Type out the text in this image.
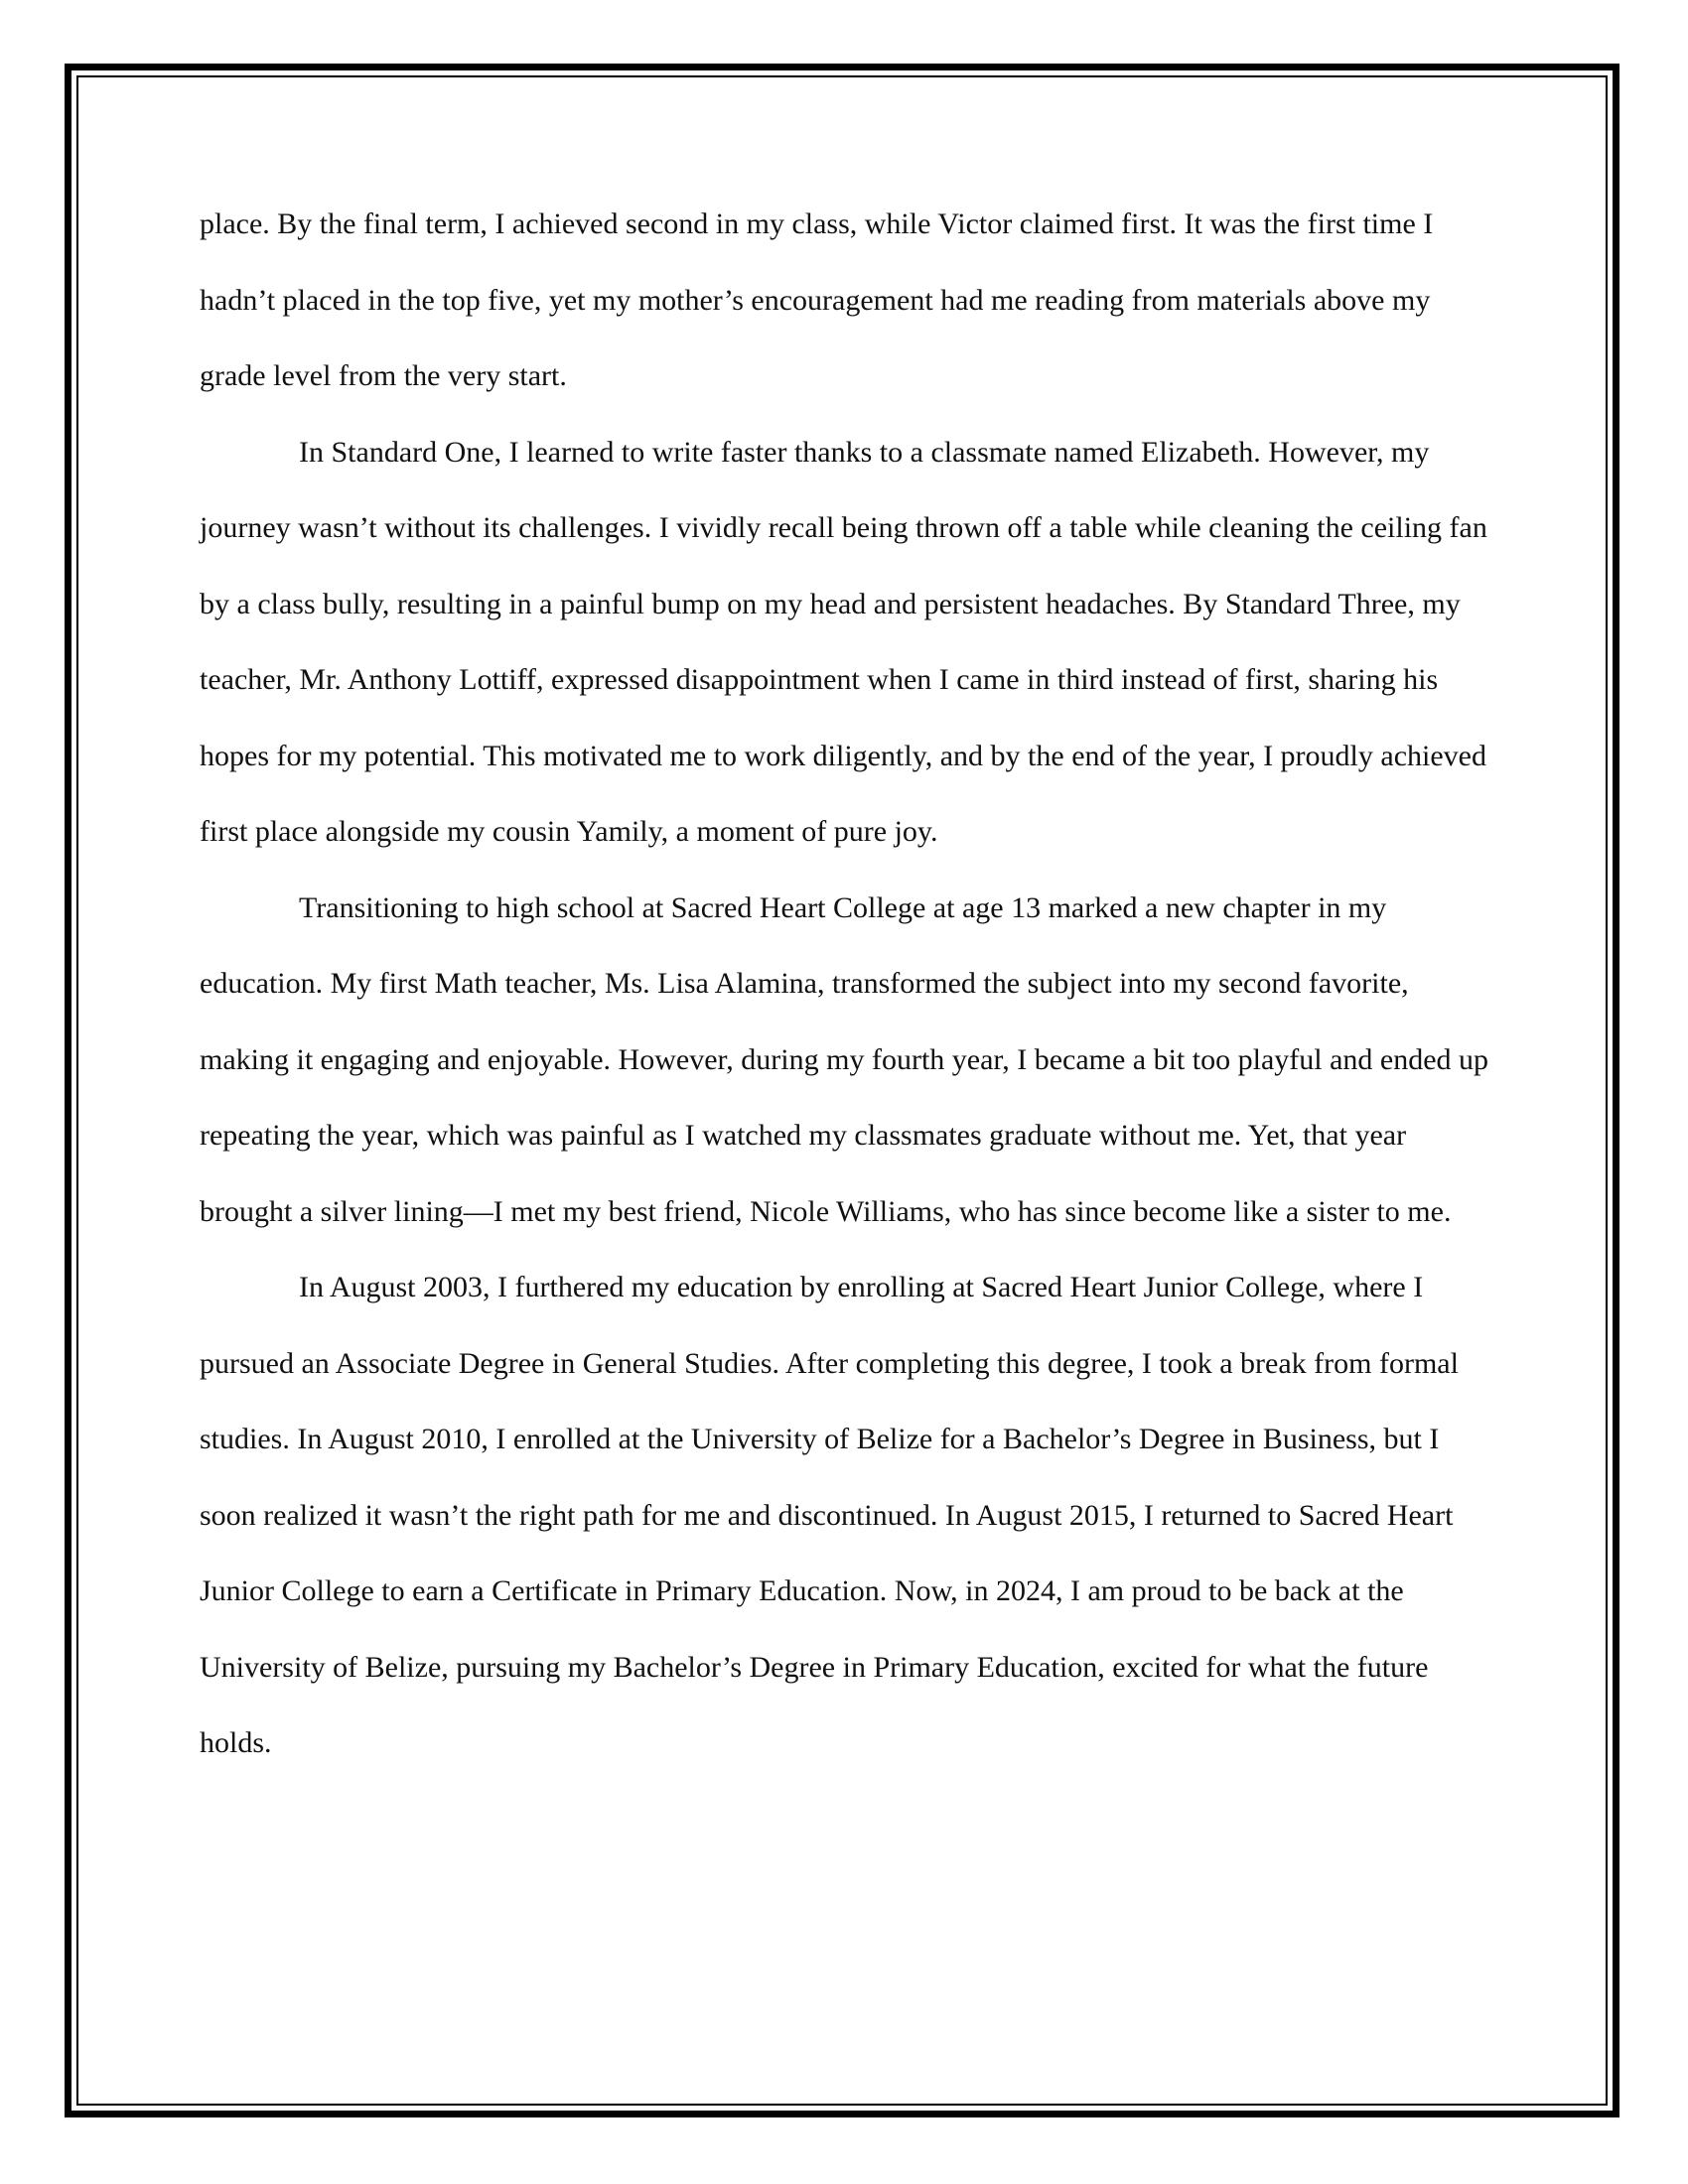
place. By the final term, I achieved second in my class, while Victor claimed first. It was the first time I hadn’t placed in the top five, yet my mother’s encouragement had me reading from materials above my grade level from the very start.

In Standard One, I learned to write faster thanks to a classmate named Elizabeth. However, my journey wasn’t without its challenges. I vividly recall being thrown off a table while cleaning the ceiling fan by a class bully, resulting in a painful bump on my head and persistent headaches. By Standard Three, my teacher, Mr. Anthony Lottiff, expressed disappointment when I came in third instead of first, sharing his hopes for my potential. This motivated me to work diligently, and by the end of the year, I proudly achieved first place alongside my cousin Yamily, a moment of pure joy.

Transitioning to high school at Sacred Heart College at age 13 marked a new chapter in my education. My first Math teacher, Ms. Lisa Alamina, transformed the subject into my second favorite, making it engaging and enjoyable. However, during my fourth year, I became a bit too playful and ended up repeating the year, which was painful as I watched my classmates graduate without me. Yet, that year brought a silver lining—I met my best friend, Nicole Williams, who has since become like a sister to me.

In August 2003, I furthered my education by enrolling at Sacred Heart Junior College, where I pursued an Associate Degree in General Studies. After completing this degree, I took a break from formal studies. In August 2010, I enrolled at the University of Belize for a Bachelor’s Degree in Business, but I soon realized it wasn’t the right path for me and discontinued. In August 2015, I returned to Sacred Heart Junior College to earn a Certificate in Primary Education. Now, in 2024, I am proud to be back at the University of Belize, pursuing my Bachelor’s Degree in Primary Education, excited for what the future holds.
